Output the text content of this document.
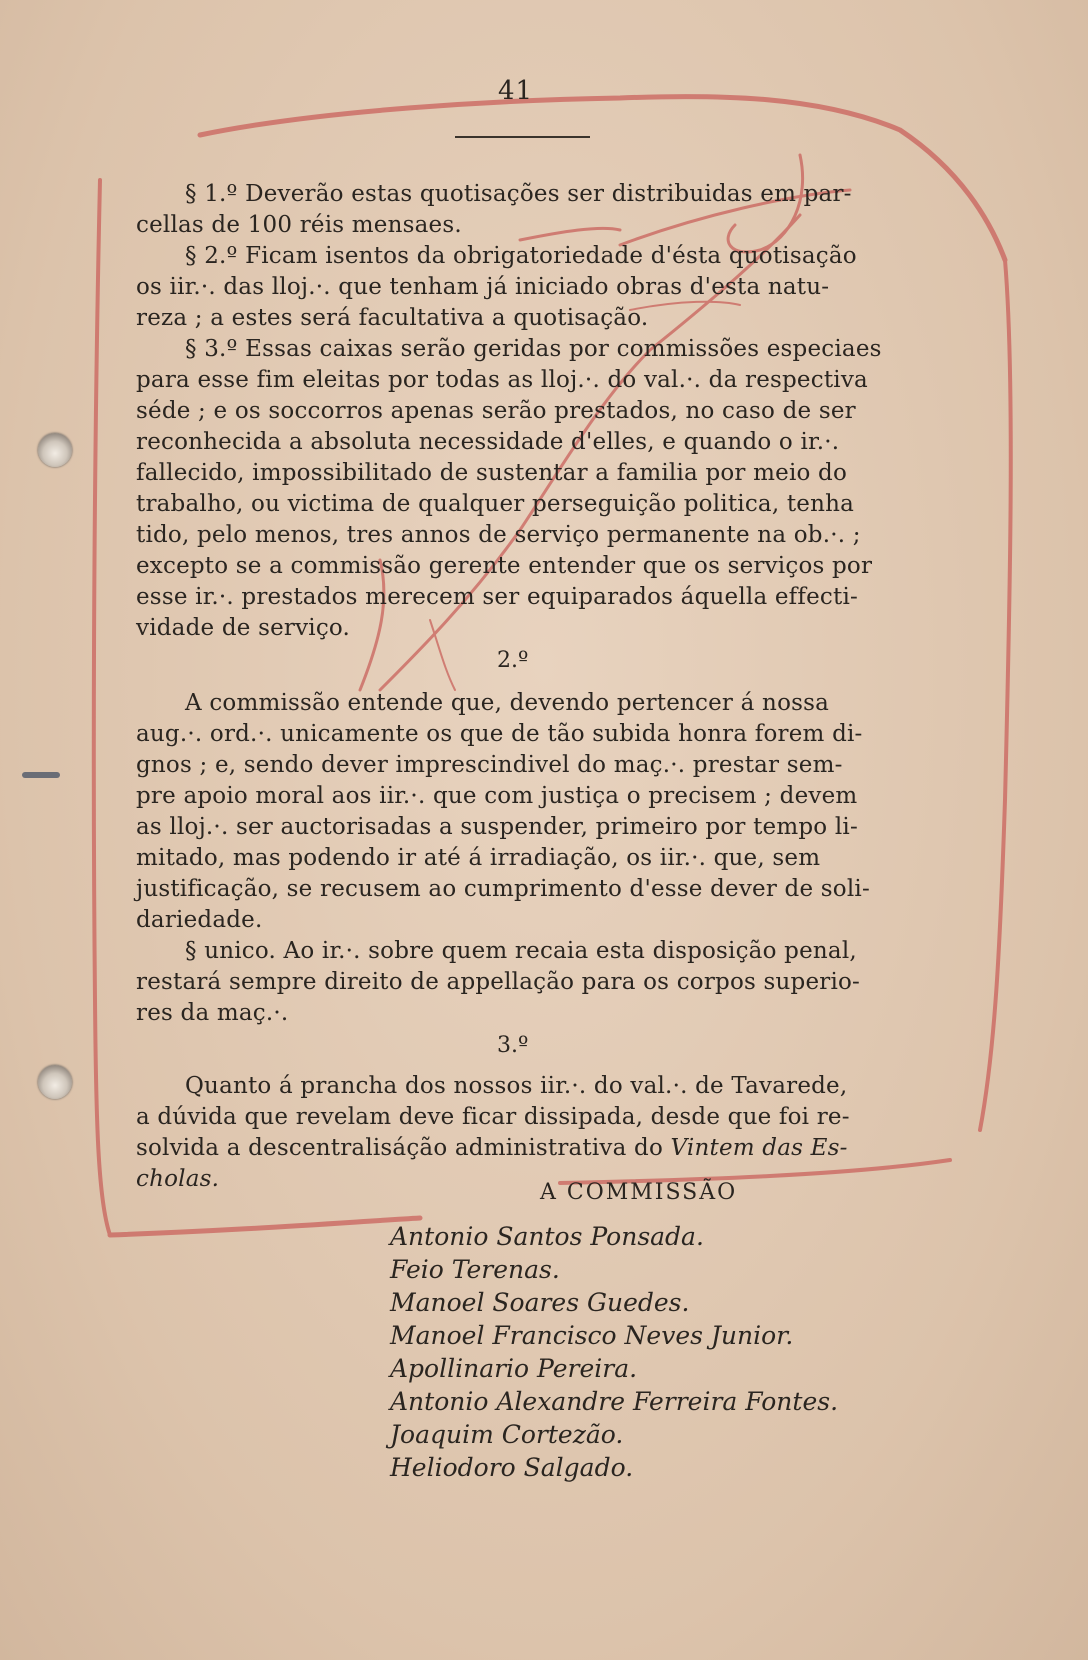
41
§ 1.º Deverão estas quotisações ser distribuidas em par-
cellas de 100 réis mensaes.
§ 2.º Ficam isentos da obrigatoriedade d'ésta quotisação
os iir.·. das lloj.·. que tenham já iniciado obras d'esta natu-
reza ; a estes será facultativa a quotisação.
§ 3.º Essas caixas serão geridas por commissões especiaes
para esse fim eleitas por todas as lloj.·. do val.·. da respectiva
séde ; e os soccorros apenas serão prestados, no caso de ser
reconhecida a absoluta necessidade d'elles, e quando o ir.·.
fallecido, impossibilitado de sustentar a familia por meio do
trabalho, ou victima de qualquer perseguição politica, tenha
tido, pelo menos, tres annos de serviço permanente na ob.·. ;
excepto se a commissão gerente entender que os serviços por
esse ir.·. prestados merecem ser equiparados áquella effecti-
vidade de serviço.
2.º
A commissão entende que, devendo pertencer á nossa
aug.·. ord.·. unicamente os que de tão subida honra forem di-
gnos ; e, sendo dever imprescindivel do maç.·. prestar sem-
pre apoio moral aos iir.·. que com justiça o precisem ; devem
as lloj.·. ser auctorisadas a suspender, primeiro por tempo li-
mitado, mas podendo ir até á irradiação, os iir.·. que, sem
justificação, se recusem ao cumprimento d'esse dever de soli-
dariedade.
§ unico. Ao ir.·. sobre quem recaia esta disposição penal,
restará sempre direito de appellação para os corpos superio-
res da maç.·.
3.º
Quanto á prancha dos nossos iir.·. do val.·. de Tavarede,
a dúvida que revelam deve ficar dissipada, desde que foi re-
solvida a descentralisáção administrativa do Vintem das Es-
cholas.
A COMMISSÃO
Antonio Santos Ponsada.
Feio Terenas.
Manoel Soares Guedes.
Manoel Francisco Neves Junior.
Apollinario Pereira.
Antonio Alexandre Ferreira Fontes.
Joaquim Cortezão.
Heliodoro Salgado.
